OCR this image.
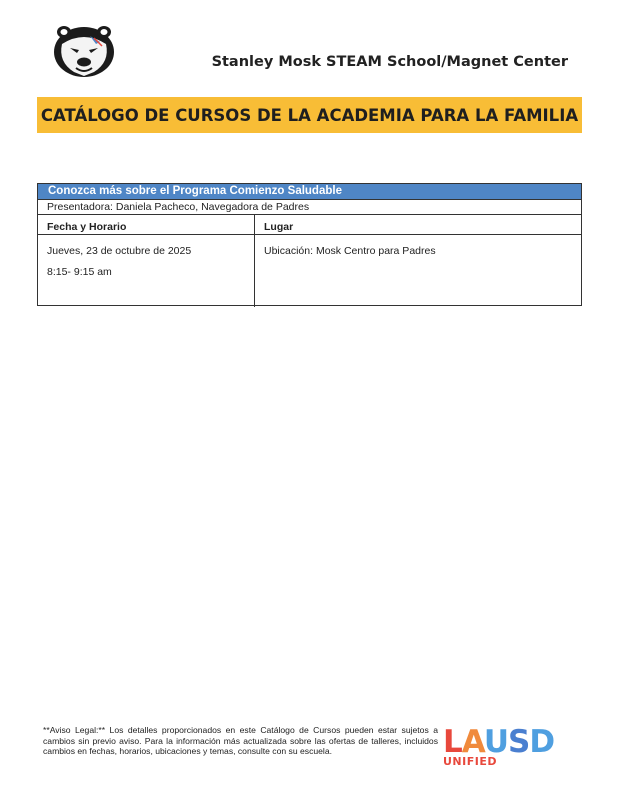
Stanley Mosk STEAM School/Magnet Center
CATÁLOGO DE CURSOS DE LA ACADEMIA PARA LA FAMILIA
Conozca más sobre el Programa Comienzo Saludable
Presentadora: Daniela Pacheco, Navegadora de Padres
Fecha y Horario
Jueves, 23 de octubre de 2025
8:15- 9:15 am
Lugar
Ubicación: Mosk Centro para Padres
**Aviso Legal:** Los detalles proporcionados en este Catálogo de Cursos pueden estar sujetos a cambios sin previo aviso. Para la información más actualizada sobre las ofertas de talleres, incluidos cambios en fechas, horarios, ubicaciones y temas, consulte con su escuela.	LAUSD
UNIFIED
